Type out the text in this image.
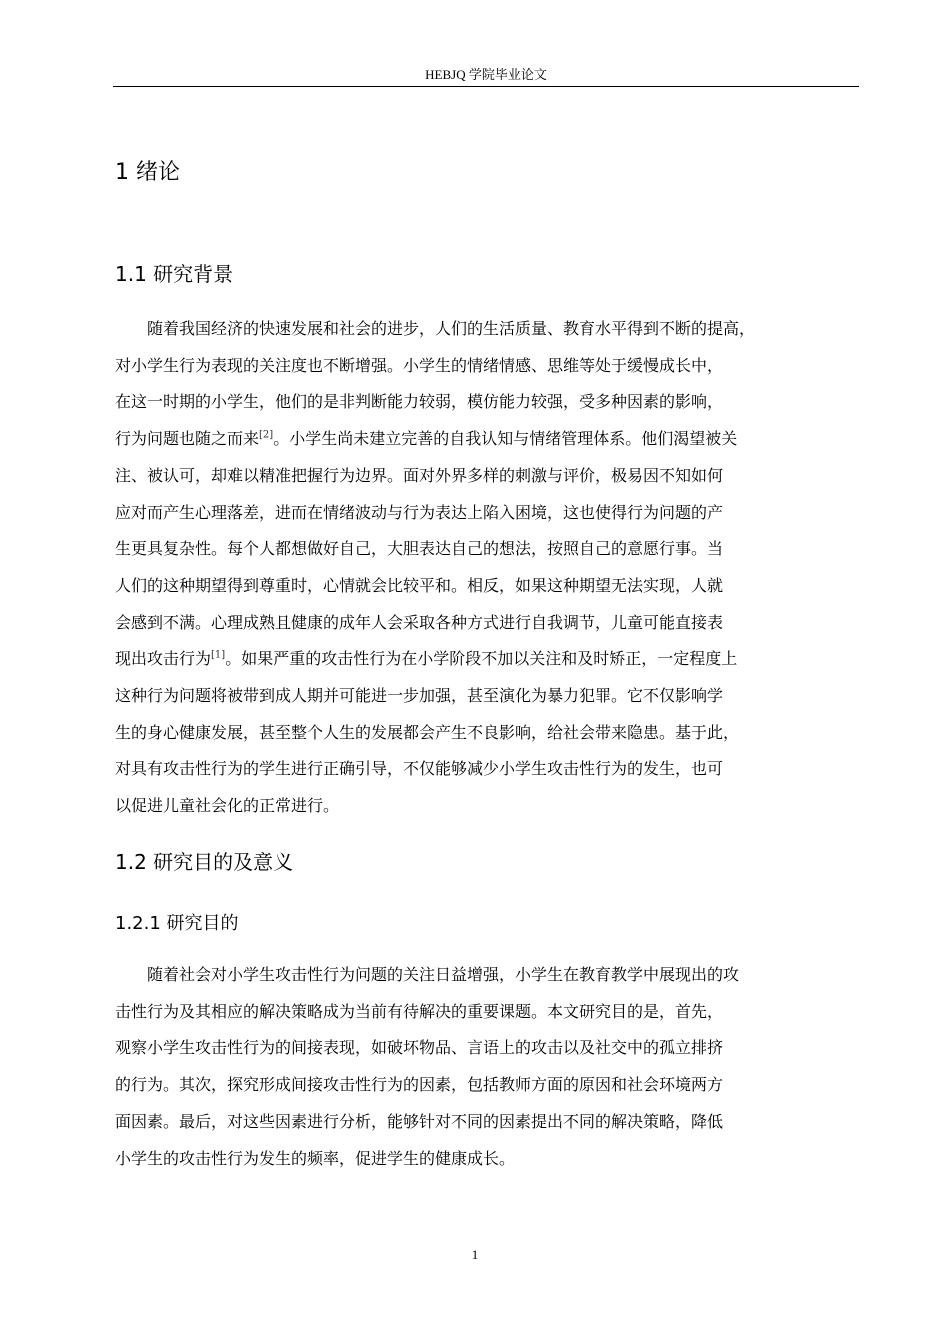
HEBJQ 学院毕业论文
1 绪论
1.1 研究背景
随着我国经济的快速发展和社会的进步，人们的生活质量、教育水平得到不断的提高，
对小学生行为表现的关注度也不断增强。小学生的情绪情感、思维等处于缓慢成长中，
在这一时期的小学生，他们的是非判断能力较弱，模仿能力较强，受多种因素的影响，
行为问题也随之而来[2]。小学生尚未建立完善的自我认知与情绪管理体系。他们渴望被关
注、被认可，却难以精准把握行为边界。面对外界多样的刺激与评价，极易因不知如何
应对而产生心理落差，进而在情绪波动与行为表达上陷入困境，这也使得行为问题的产
生更具复杂性。每个人都想做好自己，大胆表达自己的想法，按照自己的意愿行事。当
人们的这种期望得到尊重时，心情就会比较平和。相反，如果这种期望无法实现，人就
会感到不满。心理成熟且健康的成年人会采取各种方式进行自我调节，儿童可能直接表
现出攻击行为[1]。如果严重的攻击性行为在小学阶段不加以关注和及时矫正，一定程度上
这种行为问题将被带到成人期并可能进一步加强，甚至演化为暴力犯罪。它不仅影响学
生的身心健康发展，甚至整个人生的发展都会产生不良影响，给社会带来隐患。基于此，
对具有攻击性行为的学生进行正确引导，不仅能够减少小学生攻击性行为的发生，也可
以促进儿童社会化的正常进行。
1.2 研究目的及意义
1.2.1 研究目的
随着社会对小学生攻击性行为问题的关注日益增强，小学生在教育教学中展现出的攻
击性行为及其相应的解决策略成为当前有待解决的重要课题。本文研究目的是，首先，
观察小学生攻击性行为的间接表现，如破坏物品、言语上的攻击以及社交中的孤立排挤
的行为。其次，探究形成间接攻击性行为的因素，包括教师方面的原因和社会环境两方
面因素。最后，对这些因素进行分析，能够针对不同的因素提出不同的解决策略，降低
小学生的攻击性行为发生的频率，促进学生的健康成长。
1
